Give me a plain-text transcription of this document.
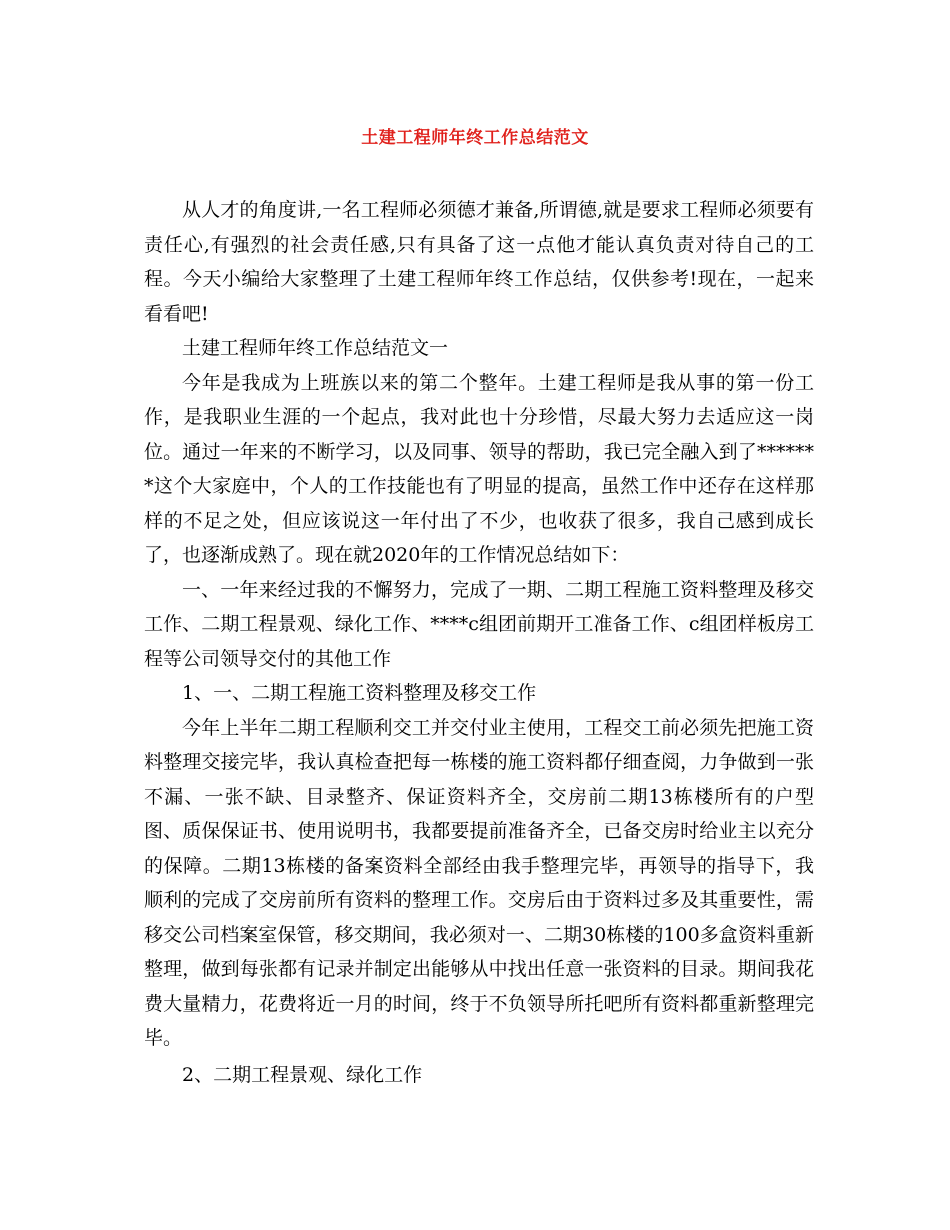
土建工程师年终工作总结范文

从人才的角度讲,一名工程师必须德才兼备,所谓德,就是要求工程师必须要有责任心,有强烈的社会责任感,只有具备了这一点他才能认真负责对待自己的工程。今天小编给大家整理了土建工程师年终工作总结，仅供参考!现在，一起来看看吧!

土建工程师年终工作总结范文一

今年是我成为上班族以来的第二个整年。土建工程师是我从事的第一份工作，是我职业生涯的一个起点，我对此也十分珍惜，尽最大努力去适应这一岗位。通过一年来的不断学习，以及同事、领导的帮助，我已完全融入到了*******这个大家庭中，个人的工作技能也有了明显的提高，虽然工作中还存在这样那样的不足之处，但应该说这一年付出了不少，也收获了很多，我自己感到成长了，也逐渐成熟了。现在就2020年的工作情况总结如下：

一、一年来经过我的不懈努力，完成了一期、二期工程施工资料整理及移交工作、二期工程景观、绿化工作、****c组团前期开工准备工作、c组团样板房工程等公司领导交付的其他工作

1、一、二期工程施工资料整理及移交工作

今年上半年二期工程顺利交工并交付业主使用，工程交工前必须先把施工资料整理交接完毕，我认真检查把每一栋楼的施工资料都仔细查阅，力争做到一张不漏、一张不缺、目录整齐、保证资料齐全，交房前二期13栋楼所有的户型图、质保保证书、使用说明书，我都要提前准备齐全，已备交房时给业主以充分的保障。二期13栋楼的备案资料全部经由我手整理完毕，再领导的指导下，我顺利的完成了交房前所有资料的整理工作。交房后由于资料过多及其重要性，需移交公司档案室保管，移交期间，我必须对一、二期30栋楼的100多盒资料重新整理，做到每张都有记录并制定出能够从中找出任意一张资料的目录。期间我花费大量精力，花费将近一月的时间，终于不负领导所托吧所有资料都重新整理完毕。

2、二期工程景观、绿化工作
